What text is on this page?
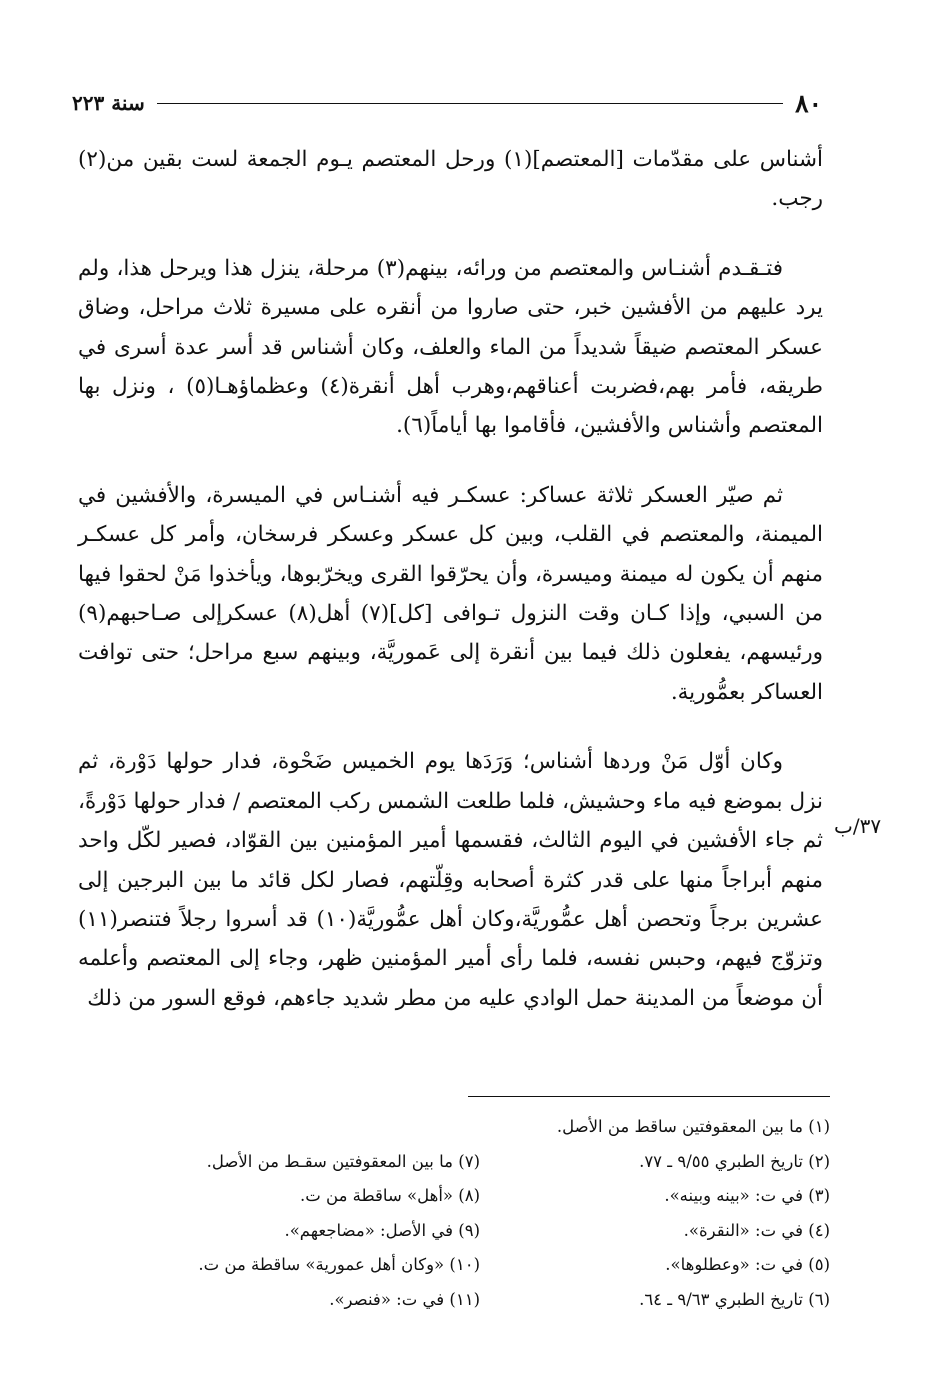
٨٠
سنة ٢٢٣

أشناس على مقدّمات [المعتصم](١) ورحل المعتصم يـوم الجمعة لست بقين من(٢) رجب.

فتـقـدم أشنـاس والمعتصم من ورائه، بينهم(٣) مرحلة، ينزل هذا ويرحل هذا، ولم يرد عليهم من الأفشين خبر، حتى صاروا من أنقره على مسيرة ثلاث مراحل، وضاق عسكر المعتصم ضيقاً شديداً من الماء والعلف، وكان أشناس قد أسر عدة أسرى في طريقه، فأمر بهم،فضربت أعناقهم،وهرب أهل أنقرة(٤) وعظماؤهـا(٥) ، ونزل بها المعتصم وأشناس والأفشين، فأقاموا بها أياماً(٦).

ثم صيّر العسكر ثلاثة عساكر: عسكـر فيه أشنـاس في الميسرة، والأفشين في الميمنة، والمعتصم في القلب، وبين كل عسكر وعسكر فرسخان، وأمر كل عسكـر منهم أن يكون له ميمنة وميسرة، وأن يحرّقوا القرى ويخرّبوها، ويأخذوا مَنْ لحقوا فيها من السبي، وإذا كـان وقت النزول تـوافى [كل](٧) أهل(٨) عسكرإلى صـاحبهم(٩) ورئيسهم، يفعلون ذلك فيما بين أنقرة إلى عَموريَّة، وبينهم سبع مراحل؛ حتى توافت العساكر بعمُّورية.

وكان أوّل مَنْ وردها أشناس؛ وَرَدَها يوم الخميس ضَحْوة، فدار حولها دَوْرة، ثم نزل بموضع فيه ماء وحشيش، فلما طلعت الشمس ركب المعتصم / فدار حولها دَوْرةً، ثم جاء الأفشين في اليوم الثالث، فقسمها أمير المؤمنين بين القوّاد، فصير لكّل واحد منهم أبراجاً منها على قدر كثرة أصحابه وقِلّتهم، فصار لكل قائد ما بين البرجين إلى عشرين برجاً وتحصن أهل عمُّوريَّة،وكان أهل عمُّوريَّة(١٠) قد أسروا رجلاً فتنصر(١١) وتزوّج فيهم، وحبس نفسه، فلما رأى أمير المؤمنين ظهر، وجاء إلى المعتصم وأعلمه أن موضعاً من المدينة حمل الوادي عليه من مطر شديد جاءهم، فوقع السور من ذلك

٣٧/ب
(١) ما بين المعقوفتين ساقط من الأصل.
(٢) تاريخ الطبري ٩/٥٥ ـ ٧٧.
(٣) في ت: «بينه وبينه».
(٤) في ت: «النقرة».
(٥) في ت: «وعطلوها».
(٦) تاريخ الطبري ٩/٦٣ ـ ٦٤.
(٧) ما بين المعقوفتين سقـط من الأصل.
(٨) «أهل» ساقطة من ت.
(٩) في الأصل: «مضاجعهم».
(١٠) «وكان أهل عمورية» ساقطة من ت.
(١١) في ت: «فنصر».
